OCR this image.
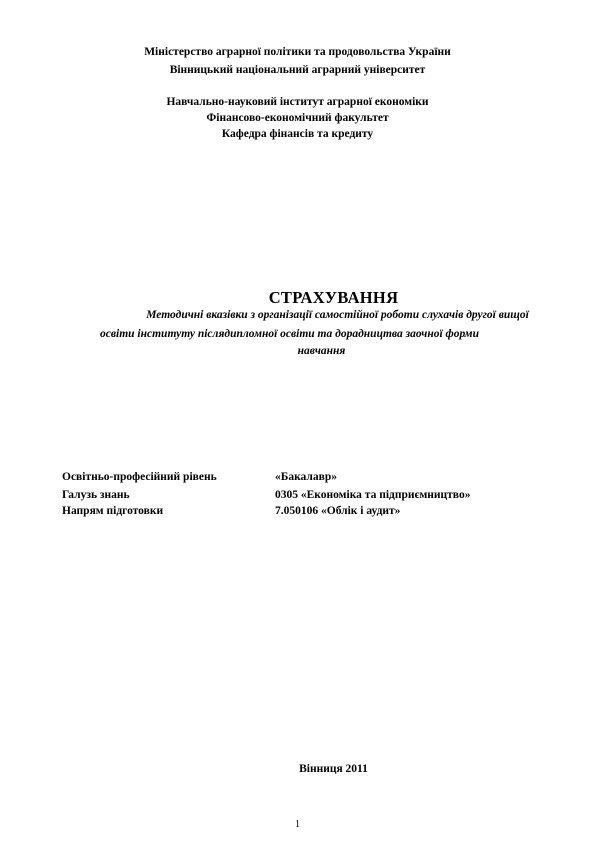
Міністерство аграрної політики та продовольства України
Вінницький національний аграрний університет
Навчально-науковий інститут аграрної економіки
Фінансово-економічний факультет
Кафедра фінансів та кредиту
СТРАХУВАННЯ
Методичні вказівки з організації самостійної роботи слухачів другої вищої
освіти інституту післядипломної освіти та дорадництва заочної форми
навчання
Освітньо-професійний рівень	«Бакалавр»
Галузь знань	0305 «Економіка та підприємництво»
Напрям підготовки	7.050106 «Облік і аудит»
Вінниця 2011
1
